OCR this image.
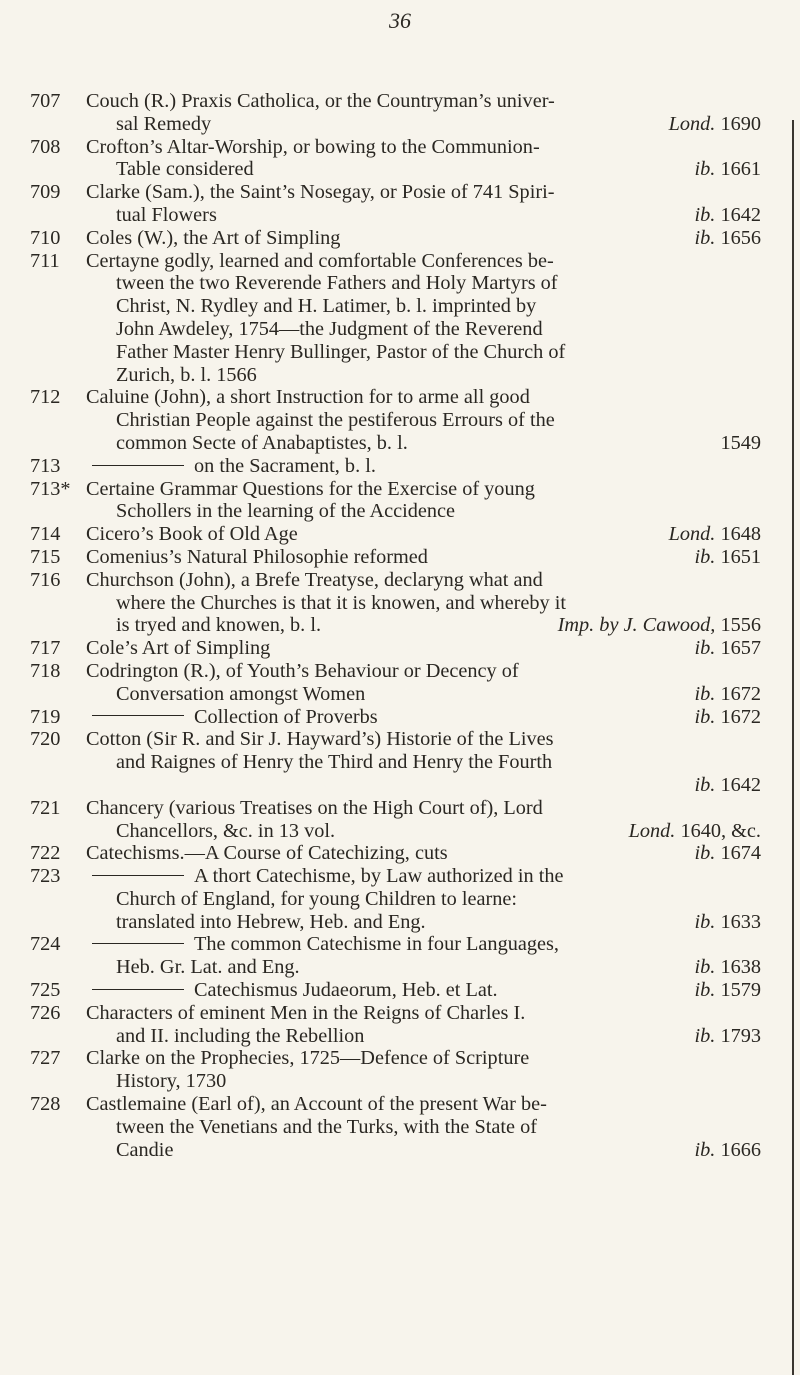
36
707	Couch (R.) Praxis Catholica, or the Countryman’s univer-
sal Remedy	Lond. 1690
708	Crofton’s Altar-Worship, or bowing to the Communion-
Table considered	ib. 1661
709	Clarke (Sam.), the Saint’s Nosegay, or Posie of 741 Spiri-
tual Flowers	ib. 1642
710	Coles (W.), the Art of Simpling	ib. 1656
711	Certayne godly, learned and comfortable Conferences be-
tween the two Reverende Fathers and Holy Martyrs of
Christ, N. Rydley and H. Latimer, b. l. imprinted by
John Awdeley, 1754—the Judgment of the Reverend
Father Master Henry Bullinger, Pastor of the Church of
Zurich, b. l. 1566
712	Caluine (John), a short Instruction for to arme all good
Christian People against the pestiferous Errours of the
common Secte of Anabaptistes, b. l.	1549
713	on the Sacrament, b. l.
713* Certaine Grammar Questions for the Exercise of young
Schollers in the learning of the Accidence
714	Cicero’s Book of Old Age	Lond. 1648
715	Comenius’s Natural Philosophie reformed	ib. 1651
716	Churchson (John), a Brefe Treatyse, declaryng what and
where the Churches is that it is knowen, and whereby it
is tryed and knowen, b. l.	Imp. by J. Cawood, 1556
717	Cole’s Art of Simpling	ib. 1657
718	Codrington (R.), of Youth’s Behaviour or Decency of
Conversation amongst Women	ib. 1672
719	Collection of Proverbs	ib. 1672
720	Cotton (Sir R. and Sir J. Hayward’s) Historie of the Lives
and Raignes of Henry the Third and Henry the Fourth
ib. 1642
721	Chancery (various Treatises on the High Court of), Lord
Chancellors, &c. in 13 vol.	Lond. 1640, &c.
722	Catechisms.—A Course of Catechizing, cuts	ib. 1674
723	A thort Catechisme, by Law authorized in the
Church of England, for young Children to learne:
translated into Hebrew, Heb. and Eng.	ib. 1633
724	The common Catechisme in four Languages,
Heb. Gr. Lat. and Eng.	ib. 1638
725	Catechismus Judaeorum, Heb. et Lat.	ib. 1579
726	Characters of eminent Men in the Reigns of Charles I.
and II. including the Rebellion	ib. 1793
727	Clarke on the Prophecies, 1725—Defence of Scripture
History, 1730
728	Castlemaine (Earl of), an Account of the present War be-
tween the Venetians and the Turks, with the State of
Candie	ib. 1666
